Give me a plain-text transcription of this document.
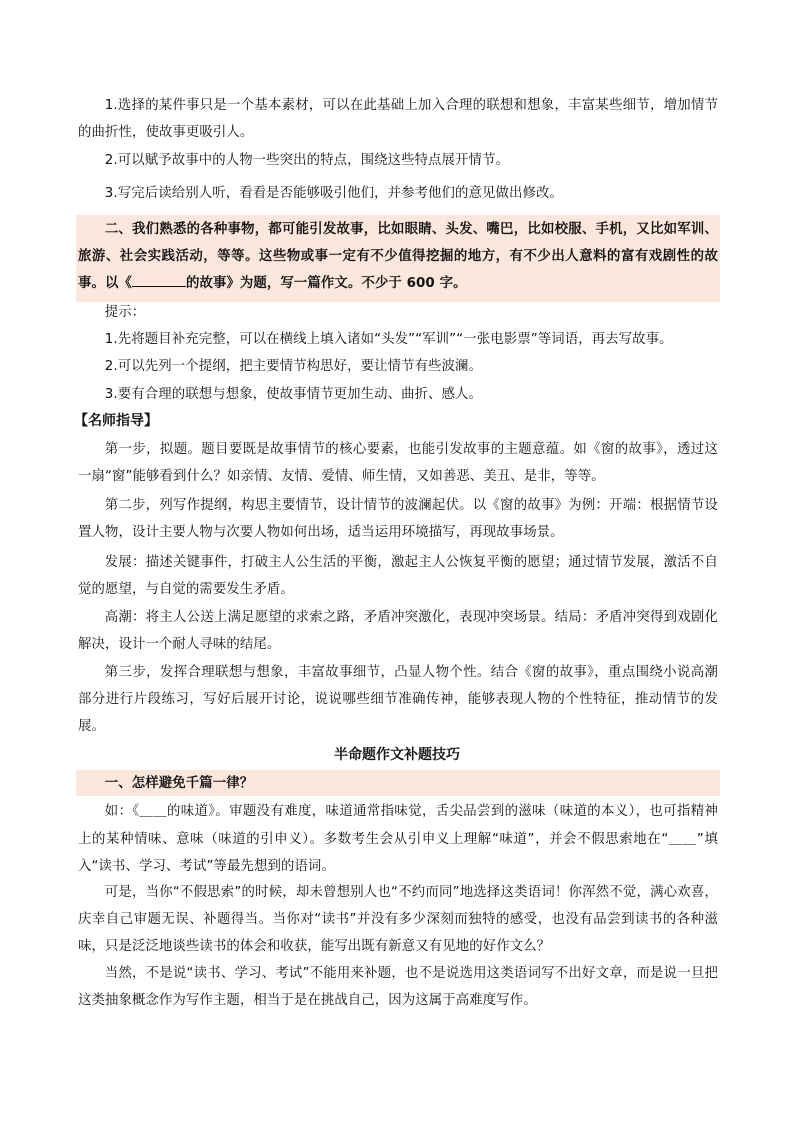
1.选择的某件事只是一个基本素材，可以在此基础上加入合理的联想和想象，丰富某些细节，增加情节的曲折性，使故事更吸引人。
2.可以赋予故事中的人物一些突出的特点，围绕这些特点展开情节。
3.写完后读给别人听，看看是否能够吸引他们，并参考他们的意见做出修改。
二、我们熟悉的各种事物，都可能引发故事，比如眼睛、头发、嘴巴，比如校服、手机，又比如军训、旅游、社会实践活动，等等。这些物或事一定有不少值得挖掘的地方，有不少出人意料的富有戏剧性的故事。以《	的故事》为题，写一篇作文。不少于 600 字。
提示：
1.先将题目补充完整，可以在横线上填入诸如“头发”“军训”“一张电影票”等词语，再去写故事。
2.可以先列一个提纲，把主要情节构思好，要让情节有些波澜。
3.要有合理的联想与想象，使故事情节更加生动、曲折、感人。
【名师指导】
第一步，拟题。题目要既是故事情节的核心要素，也能引发故事的主题意蕴。如《窗的故事》，透过这一扇“窗”能够看到什么？如亲情、友情、爱情、师生情，又如善恶、美丑、是非，等等。
第二步，列写作提纲，构思主要情节，设计情节的波澜起伏。以《窗的故事》为例：开端：根据情节设置人物，设计主要人物与次要人物如何出场，适当运用环境描写，再现故事场景。
发展：描述关键事件，打破主人公生活的平衡，激起主人公恢复平衡的愿望；通过情节发展，激活不自觉的愿望，与自觉的需要发生矛盾。
高潮：将主人公送上满足愿望的求索之路，矛盾冲突激化，表现冲突场景。结局：矛盾冲突得到戏剧化解决，设计一个耐人寻味的结尾。
第三步，发挥合理联想与想象，丰富故事细节，凸显人物个性。结合《窗的故事》，重点围绕小说高潮部分进行片段练习，写好后展开讨论，说说哪些细节准确传神，能够表现人物的个性特征，推动情节的发展。
半命题作文补题技巧
一、怎样避免千篇一律？
如：《＿＿的味道》。审题没有难度，味道通常指味觉，舌尖品尝到的滋味（味道的本义），也可指精神上的某种情味、意味（味道的引申义）。多数考生会从引申义上理解“味道”，并会不假思索地在“＿＿”填入“读书、学习、考试”等最先想到的语词。
可是，当你“不假思索”的时候，却未曾想别人也“不约而同”地选择这类语词！你浑然不觉，满心欢喜，庆幸自己审题无误、补题得当。当你对“读书”并没有多少深刻而独特的感受，也没有品尝到读书的各种滋味，只是泛泛地谈些读书的体会和收获，能写出既有新意又有见地的好作文么？
当然，不是说“读书、学习、考试”不能用来补题，也不是说选用这类语词写不出好文章，而是说一旦把这类抽象概念作为写作主题，相当于是在挑战自己，因为这属于高难度写作。
